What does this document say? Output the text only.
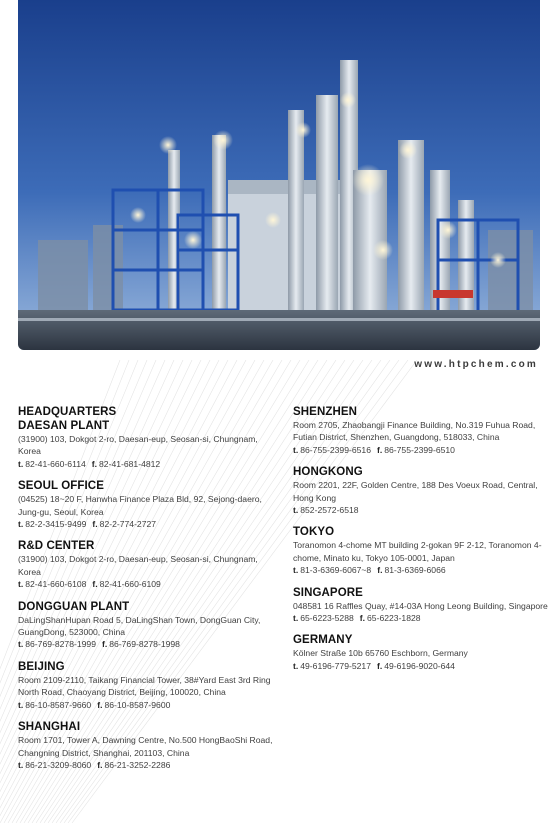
www.htpchem.com
HEADQUARTERS
DAESAN PLANT
(31900) 103, Dokgot 2-ro, Daesan-eup, Seosan-si, Chungnam, Korea
t. 82-41-660-6114 f. 82-41-681-4812
SEOUL OFFICE
(04525) 18~20 F, Hanwha Finance Plaza Bld, 92, Sejong-daero, Jung-gu, Seoul, Korea
t. 82-2-3415-9499 f. 82-2-774-2727
R&D CENTER
(31900) 103, Dokgot 2-ro, Daesan-eup, Seosan-si, Chungnam, Korea
t. 82-41-660-6108 f. 82-41-660-6109
DONGGUAN PLANT
DaLingShanHupan Road 5, DaLingShan Town, DongGuan City, GuangDong, 523000, China
t. 86-769-8278-1999 f. 86-769-8278-1998
BEIJING
Room 2109-2110, Taikang Financial Tower, 38#Yard East 3rd Ring North Road, Chaoyang District, Beijing, 100020, China
t. 86-10-8587-9660 f. 86-10-8587-9600
SHANGHAI
Room 1701, Tower A, Dawning Centre, No.500 HongBaoShi Road, Changning District, Shanghai, 201103, China
t. 86-21-3209-8060 f. 86-21-3252-2286
SHENZHEN
Room 2705, Zhaobangji Finance Building, No.319 Fuhua Road, Futian District, Shenzhen, Guangdong, 518033, China
t. 86-755-2399-6516 f. 86-755-2399-6510
HONGKONG
Room 2201, 22F, Golden Centre, 188 Des Voeux Road, Central, Hong Kong
t. 852-2572-6518
TOKYO
Toranomon 4-chome MT building 2-gokan 9F 2-12, Toranomon 4-chome, Minato ku, Tokyo 105-0001, Japan
t. 81-3-6369-6067~8 f. 81-3-6369-6066
SINGAPORE
048581 16 Raffles Quay, #14-03A Hong Leong Building, Singapore
t. 65-6223-5288 f. 65-6223-1828
GERMANY
Kölner Straße 10b 65760 Eschborn, Germany
t. 49-6196-779-5217 f. 49-6196-9020-644
